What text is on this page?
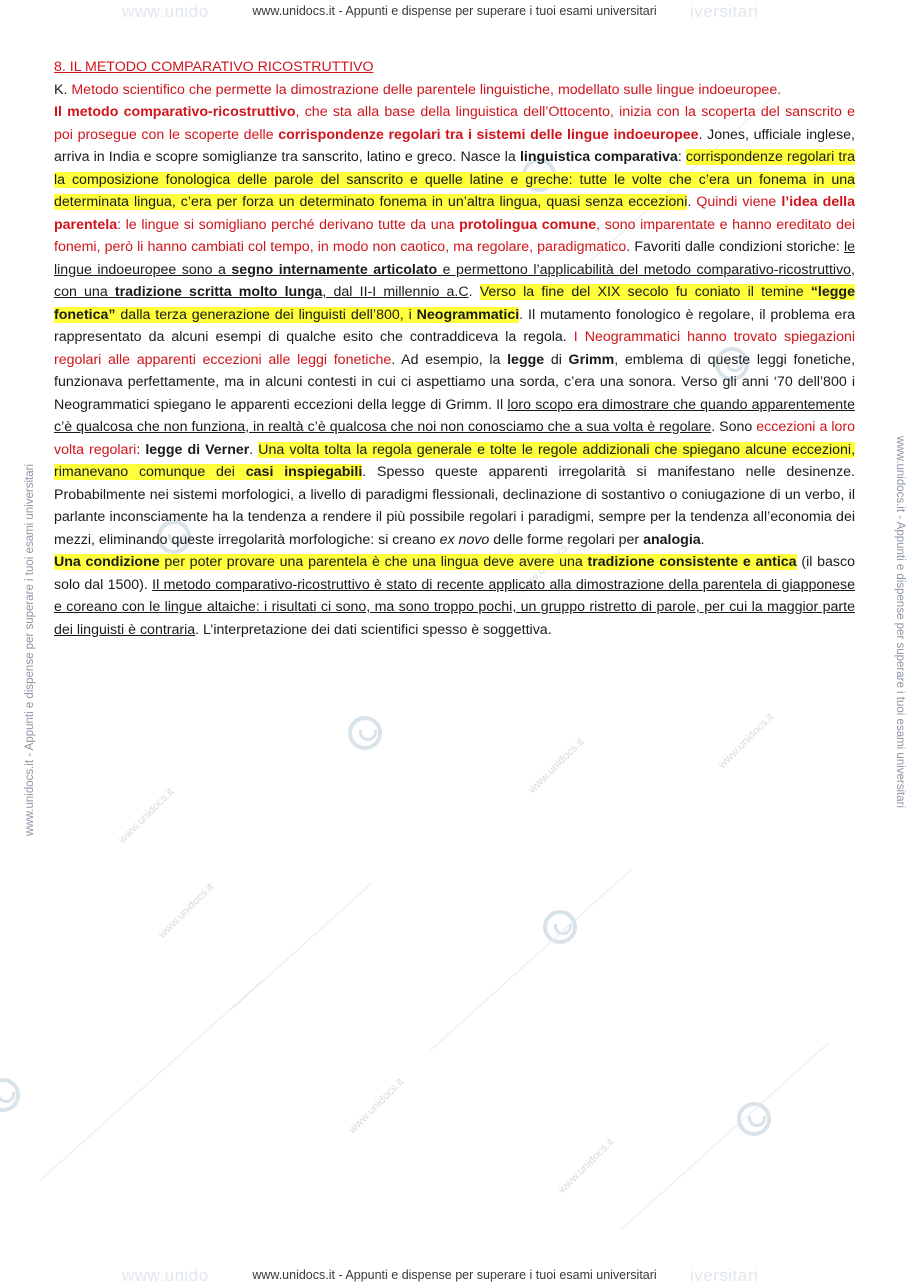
www.unido	iversitari
www.unidocs.it - Appunti e dispense per superare i tuoi esami universitari
www.unido	iversitari
www.unidocs.it - Appunti e dispense per superare i tuoi esami universitari
www.unidocs.it - Appunti e dispense per superare i tuoi esami universitari	www.unidocs.it - Appunti e dispense per superare i tuoi esami universitari
www.unidocs.it
www.unidocs.it
www.unidocs.it	www.unidocs.it
www.unidocs.it
www.unidocs.it
8. IL METODO COMPARATIVO RICOSTRUTTIVO

K. Metodo scientifico che permette la dimostrazione delle parentele linguistiche, modellato sulle lingue indoeuropee.
Il metodo comparativo-ricostruttivo, che sta alla base della linguistica dell’Ottocento, inizia con la scoperta del sanscrito e poi prosegue con le scoperte delle corrispondenze regolari tra i sistemi delle lingue indoeuropee. Jones, ufficiale inglese, arriva in India e scopre somiglianze tra sanscrito, latino e greco. Nasce la linguistica comparativa: corrispondenze regolari tra la composizione fonologica delle parole del sanscrito e quelle latine e greche: tutte le volte che c’era un fonema in una determinata lingua, c’era per forza un determinato fonema in un’altra lingua, quasi senza eccezioni. Quindi viene l’idea della parentela: le lingue si somigliano perché derivano tutte da una protolingua comune, sono imparentate e hanno ereditato dei fonemi, però li hanno cambiati col tempo, in modo non caotico, ma regolare, paradigmatico. Favoriti dalle condizioni storiche: le lingue indoeuropee sono a segno internamente articolato e permettono l’applicabilità del metodo comparativo-ricostruttivo, con una tradizione scritta molto lunga, dal II-I millennio a.C. Verso la fine del XIX secolo fu coniato il temine “legge fonetica” dalla terza generazione dei linguisti dell’800, i Neogrammatici. Il mutamento fonologico è regolare, il problema era rappresentato da alcuni esempi di qualche esito che contraddiceva la regola. I Neogrammatici hanno trovato spiegazioni regolari alle apparenti eccezioni alle leggi fonetiche. Ad esempio, la legge di Grimm, emblema di queste leggi fonetiche, funzionava perfettamente, ma in alcuni contesti in cui ci aspettiamo una sorda, c’era una sonora. Verso gli anni ‘70 dell’800 i Neogrammatici spiegano le apparenti eccezioni della legge di Grimm. Il loro scopo era dimostrare che quando apparentemente c’è qualcosa che non funziona, in realtà c’è qualcosa che noi non conosciamo che a sua volta è regolare. Sono eccezioni a loro volta regolari: legge di Verner. Una volta tolta la regola generale e tolte le regole addizionali che spiegano alcune eccezioni, rimanevano comunque dei casi inspiegabili. Spesso queste apparenti irregolarità si manifestano nelle desinenze. Probabilmente nei sistemi morfologici, a livello di paradigmi flessionali, declinazione di sostantivo o coniugazione di un verbo, il parlante inconsciamente ha la tendenza a rendere il più possibile regolari i paradigmi, sempre per la tendenza all’economia dei mezzi, eliminando queste irregolarità morfologiche: si creano ex novo delle forme regolari per analogia.

Una condizione per poter provare una parentela è che una lingua deve avere una tradizione consistente e antica (il basco solo dal 1500). Il metodo comparativo-ricostruttivo è stato di recente applicato alla dimostrazione della parentela di giapponese e coreano con le lingue altaiche: i risultati ci sono, ma sono troppo pochi, un gruppo ristretto di parole, per cui la maggior parte dei linguisti è contraria. L’interpretazione dei dati scientifici spesso è soggettiva.
